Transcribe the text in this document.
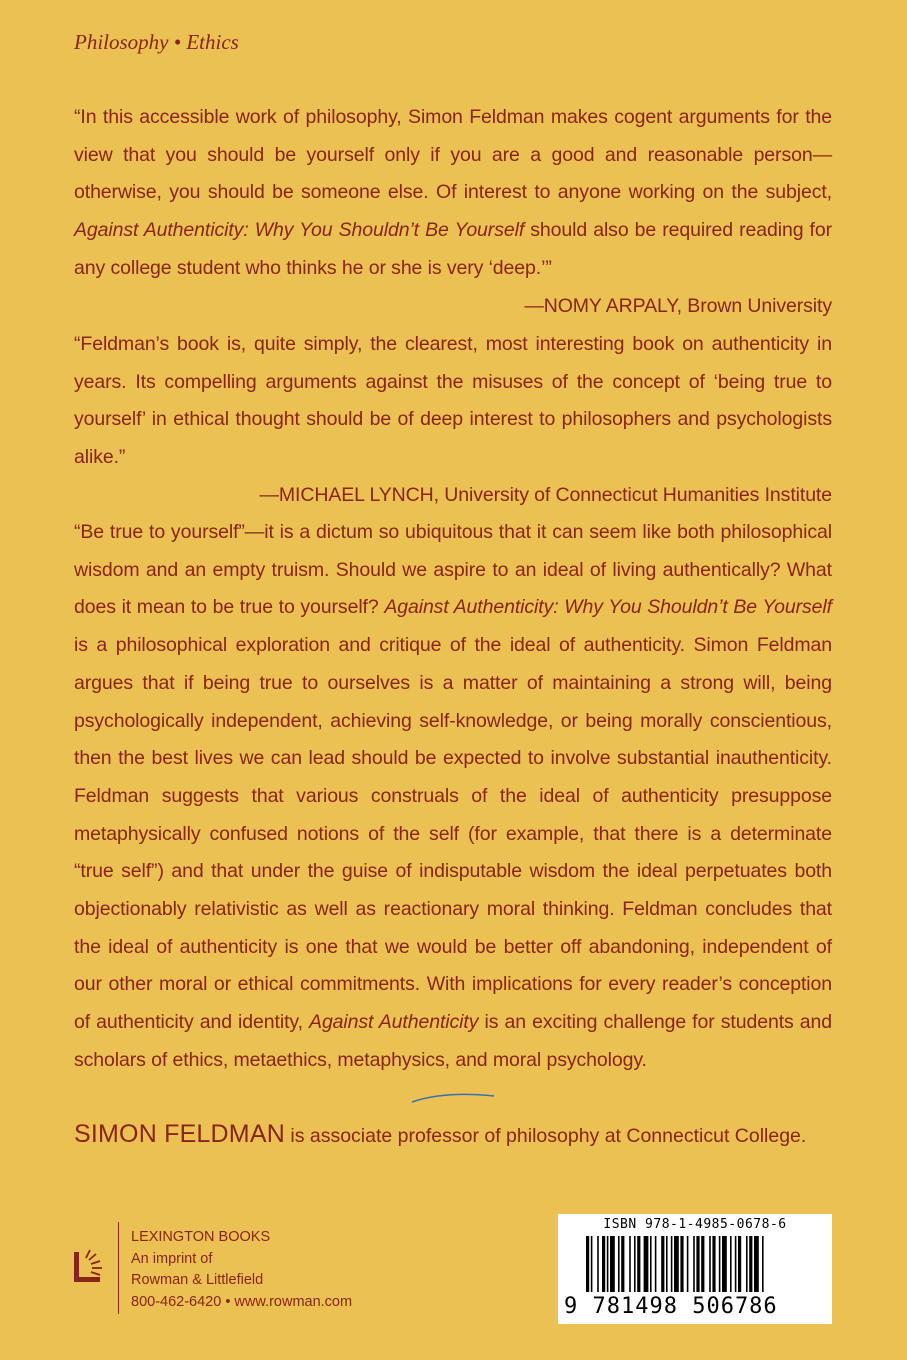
Philosophy • Ethics
“In this accessible work of philosophy, Simon Feldman makes cogent arguments for the view that you should be yourself only if you are a good and reasonable person—otherwise, you should be someone else. Of interest to anyone working on the subject, Against Authenticity: Why You Shouldn’t Be Yourself should also be required reading for any college student who thinks he or she is very ‘deep.’”
—NOMY ARPALY, Brown University
“Feldman’s book is, quite simply, the clearest, most interesting book on authenticity in years. Its compelling arguments against the misuses of the concept of ‘being true to yourself’ in ethical thought should be of deep interest to philosophers and psychologists alike.”
—MICHAEL LYNCH, University of Connecticut Humanities Institute
“Be true to yourself”—it is a dictum so ubiquitous that it can seem like both philosophical wisdom and an empty truism. Should we aspire to an ideal of living authentically? What does it mean to be true to yourself? Against Authenticity: Why You Shouldn’t Be Yourself is a philosophical exploration and critique of the ideal of authenticity. Simon Feldman argues that if being true to ourselves is a matter of maintaining a strong will, being psychologically independent, achieving self-knowledge, or being morally conscientious, then the best lives we can lead should be expected to involve substantial inauthenticity. Feldman suggests that various construals of the ideal of authenticity presuppose metaphysically confused notions of the self (for example, that there is a determinate “true self”) and that under the guise of indisputable wisdom the ideal perpetuates both objectionably relativistic as well as reactionary moral thinking. Feldman concludes that the ideal of authenticity is one that we would be better off abandoning, independent of our other moral or ethical commitments. With implications for every reader’s conception of authenticity and identity, Against Authenticity is an exciting challenge for students and scholars of ethics, metaethics, metaphysics, and moral psychology.
SIMON FELDMAN is associate professor of philosophy at Connecticut College.
LEXINGTON BOOKS
An imprint of
Rowman & Littlefield
800-462-6420 • www.rowman.com
ISBN 978-1-4985-0678-6
9 781498 506786
